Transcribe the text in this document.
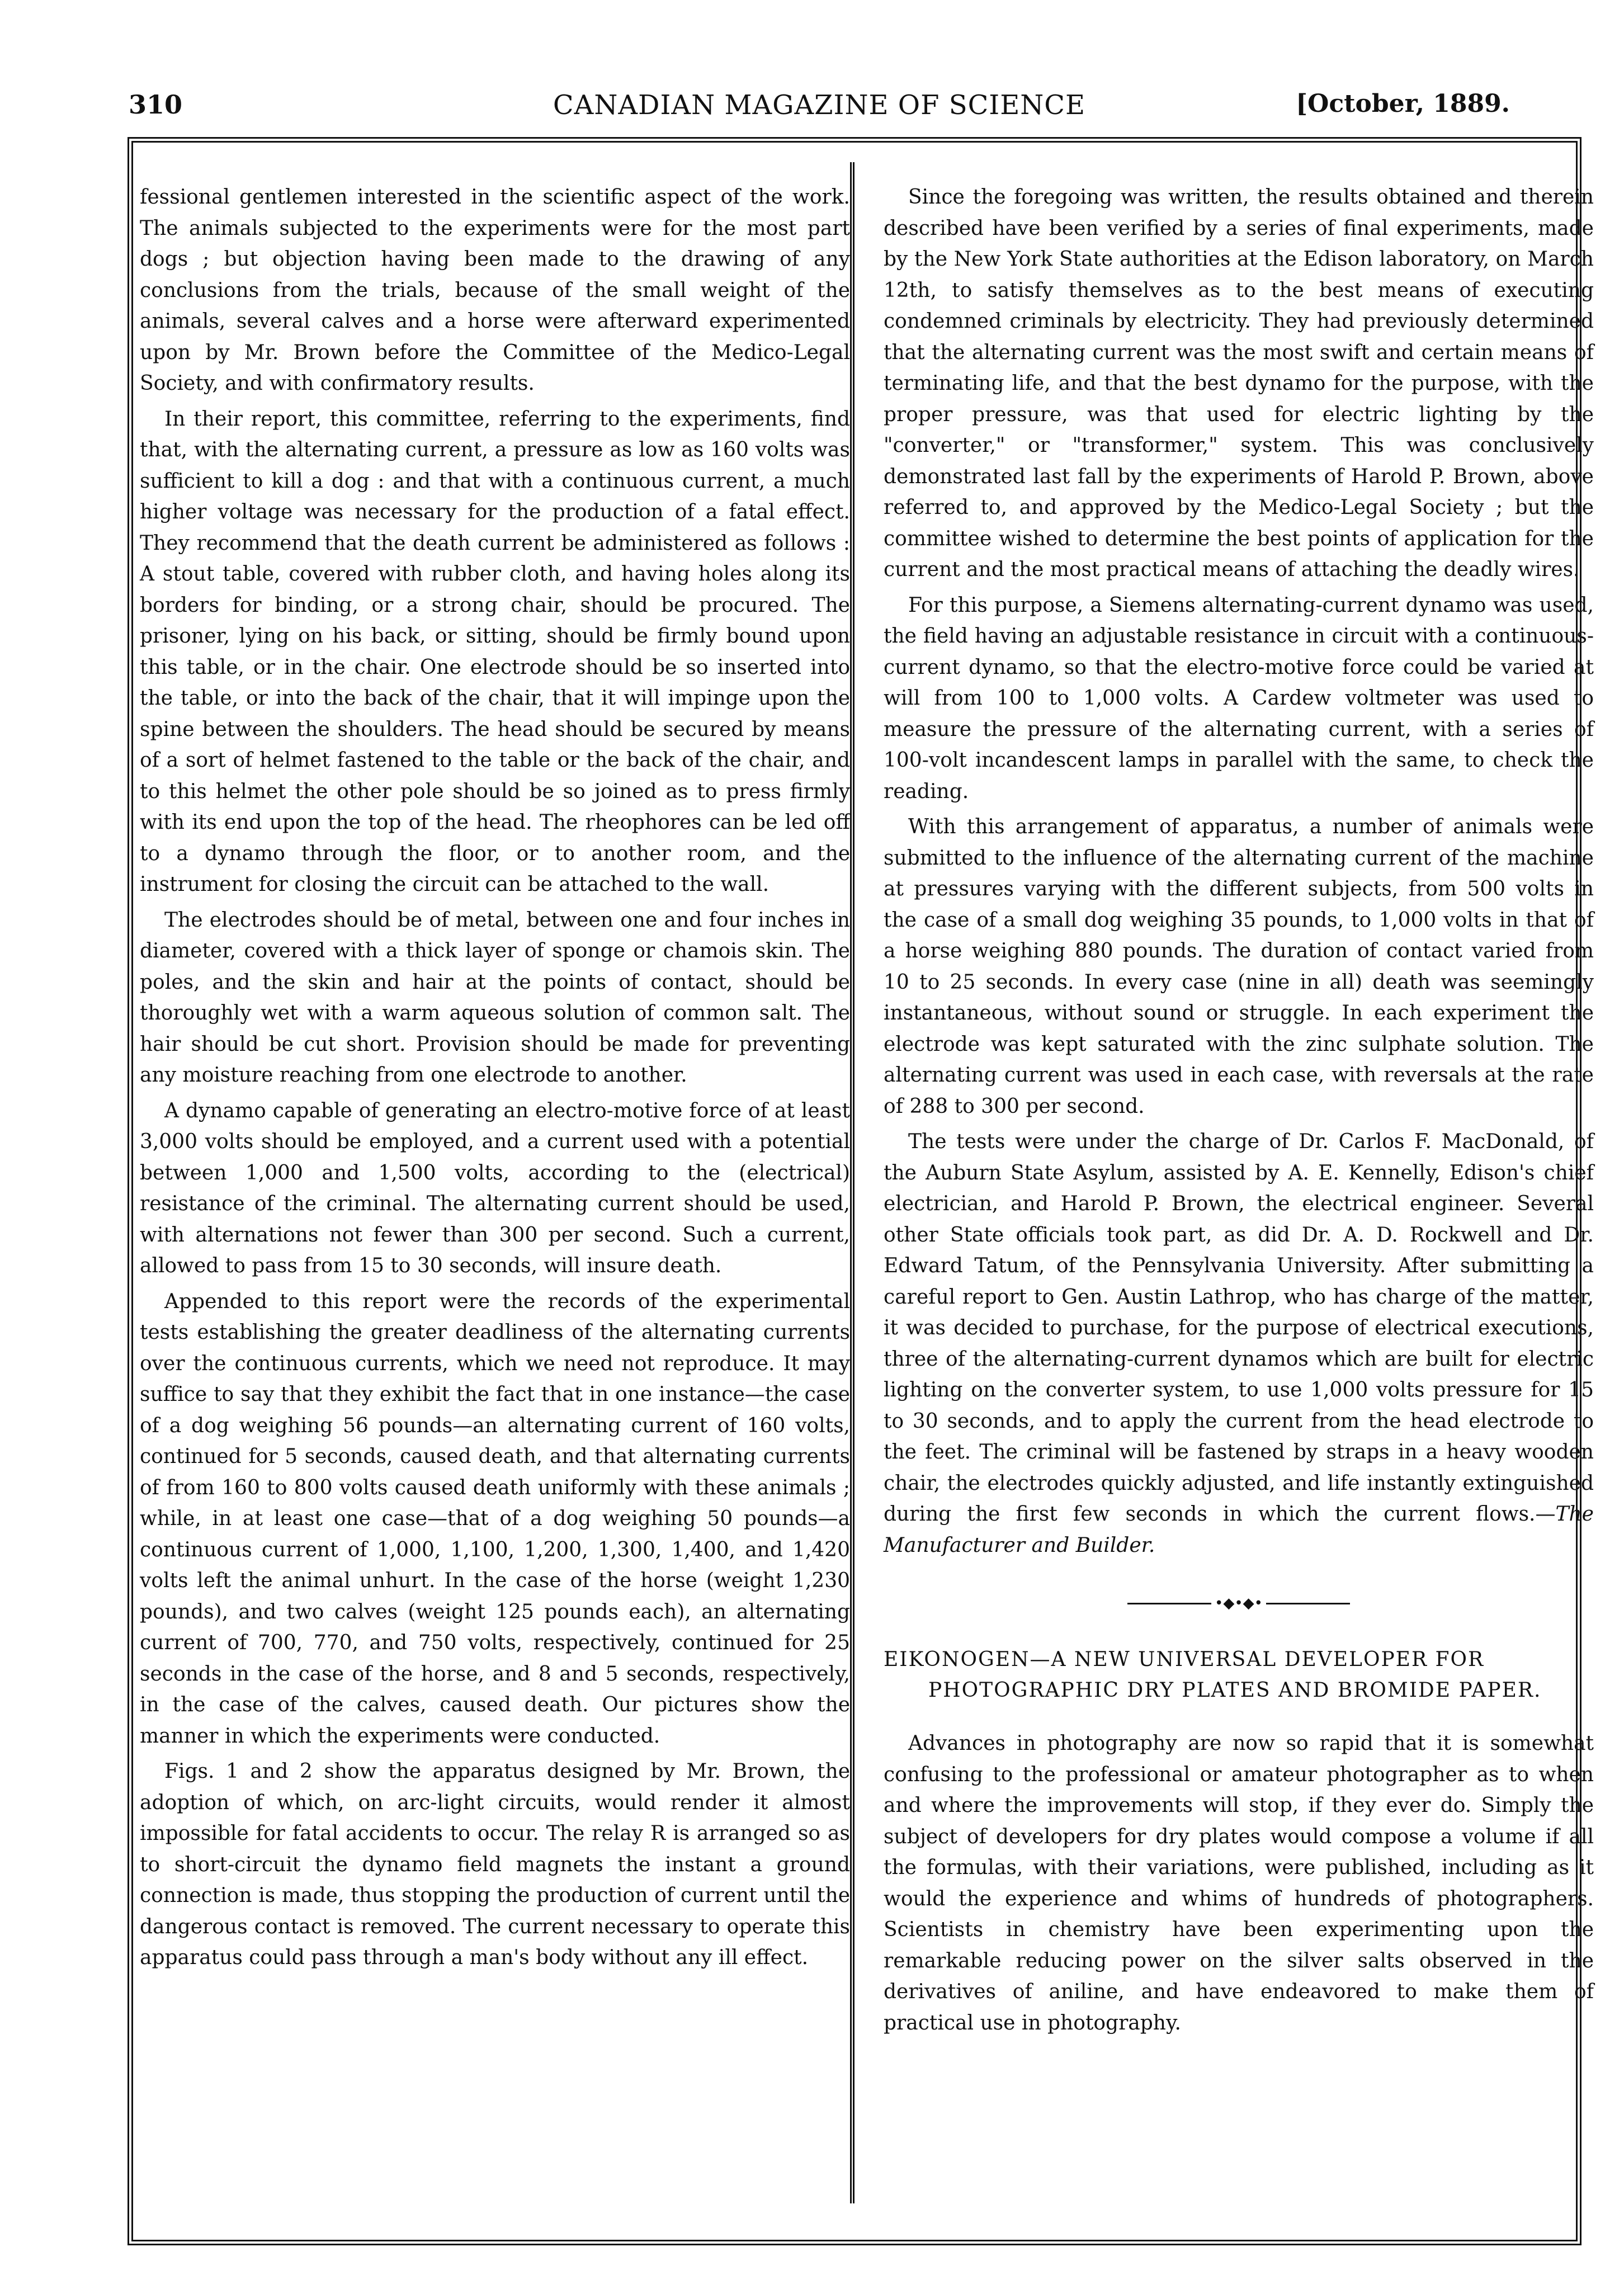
310	CANADIAN MAGAZINE OF SCIENCE	[October, 1889.

fessional gentlemen interested in the scientific aspect of the work. The animals subjected to the experiments were for the most part dogs ; but objection having been made to the drawing of any conclusions from the trials, because of the small weight of the animals, several calves and a horse were afterward experimented upon by Mr. Brown before the Committee of the Medico-Legal Society, and with confirmatory results.

In their report, this committee, referring to the experiments, find that, with the alternating current, a pressure as low as 160 volts was sufficient to kill a dog : and that with a continuous current, a much higher voltage was necessary for the production of a fatal effect. They recommend that the death current be administered as follows : A stout table, covered with rubber cloth, and having holes along its borders for binding, or a strong chair, should be procured. The prisoner, lying on his back, or sitting, should be firmly bound upon this table, or in the chair. One electrode should be so inserted into the table, or into the back of the chair, that it will impinge upon the spine between the shoulders. The head should be secured by means of a sort of helmet fastened to the table or the back of the chair, and to this helmet the other pole should be so joined as to press firmly with its end upon the top of the head. The rheophores can be led off to a dynamo through the floor, or to another room, and the instrument for closing the circuit can be attached to the wall.

The electrodes should be of metal, between one and four inches in diameter, covered with a thick layer of sponge or chamois skin. The poles, and the skin and hair at the points of contact, should be thoroughly wet with a warm aqueous solution of common salt. The hair should be cut short. Provision should be made for preventing any moisture reaching from one electrode to another.

A dynamo capable of generating an electro-motive force of at least 3,000 volts should be employed, and a current used with a potential between 1,000 and 1,500 volts, according to the (electrical) resistance of the criminal. The alternating current should be used, with alternations not fewer than 300 per second. Such a current, allowed to pass from 15 to 30 seconds, will insure death.

Appended to this report were the records of the experimental tests establishing the greater deadliness of the alternating currents over the continuous currents, which we need not reproduce. It may suffice to say that they exhibit the fact that in one instance—the case of a dog weighing 56 pounds—an alternating current of 160 volts, continued for 5 seconds, caused death, and that alternating currents of from 160 to 800 volts caused death uniformly with these animals ; while, in at least one case—that of a dog weighing 50 pounds—a continuous current of 1,000, 1,100, 1,200, 1,300, 1,400, and 1,420 volts left the animal unhurt. In the case of the horse (weight 1,230 pounds), and two calves (weight 125 pounds each), an alternating current of 700, 770, and 750 volts, respectively, continued for 25 seconds in the case of the horse, and 8 and 5 seconds, respectively, in the case of the calves, caused death. Our pictures show the manner in which the experiments were conducted.

Figs. 1 and 2 show the apparatus designed by Mr. Brown, the adoption of which, on arc-light circuits, would render it almost impossible for fatal accidents to occur. The relay R is arranged so as to short-circuit the dynamo field magnets the instant a ground connection is made, thus stopping the production of current until the dangerous contact is removed. The current necessary to operate this apparatus could pass through a man's body without any ill effect.

Since the foregoing was written, the results obtained and therein described have been verified by a series of final experiments, made by the New York State authorities at the Edison laboratory, on March 12th, to satisfy themselves as to the best means of executing condemned criminals by electricity. They had previously determined that the alternating current was the most swift and certain means of terminating life, and that the best dynamo for the purpose, with the proper pressure, was that used for electric lighting by the "converter," or "transformer," system. This was conclusively demonstrated last fall by the experiments of Harold P. Brown, above referred to, and approved by the Medico-Legal Society ; but the committee wished to determine the best points of application for the current and the most practical means of attaching the deadly wires.

For this purpose, a Siemens alternating-current dynamo was used, the field having an adjustable resistance in circuit with a continuous-current dynamo, so that the electro-motive force could be varied at will from 100 to 1,000 volts. A Cardew voltmeter was used to measure the pressure of the alternating current, with a series of 100-volt incandescent lamps in parallel with the same, to check the reading.

With this arrangement of apparatus, a number of animals were submitted to the influence of the alternating current of the machine at pressures varying with the different subjects, from 500 volts in the case of a small dog weighing 35 pounds, to 1,000 volts in that of a horse weighing 880 pounds. The duration of contact varied from 10 to 25 seconds. In every case (nine in all) death was seemingly instantaneous, without sound or struggle. In each experiment the electrode was kept saturated with the zinc sulphate solution. The alternating current was used in each case, with reversals at the rate of 288 to 300 per second.

The tests were under the charge of Dr. Carlos F. MacDonald, of the Auburn State Asylum, assisted by A. E. Kennelly, Edison's chief electrician, and Harold P. Brown, the electrical engineer. Several other State officials took part, as did Dr. A. D. Rockwell and Dr. Edward Tatum, of the Pennsylvania University. After submitting a careful report to Gen. Austin Lathrop, who has charge of the matter, it was decided to purchase, for the purpose of electrical executions, three of the alternating-current dynamos which are built for electric lighting on the converter system, to use 1,000 volts pressure for 15 to 30 seconds, and to apply the current from the head electrode to the feet. The criminal will be fastened by straps in a heavy wooden chair, the electrodes quickly adjusted, and life instantly extinguished during the first few seconds in which the current flows.—The Manufacturer and Builder.

•◆•◆•
EIKONOGEN—A NEW UNIVERSAL DEVELOPER FOR PHOTOGRAPHIC DRY PLATES AND BROMIDE PAPER.

Advances in photography are now so rapid that it is somewhat confusing to the professional or amateur photographer as to when and where the improvements will stop, if they ever do. Simply the subject of developers for dry plates would compose a volume if all the formulas, with their variations, were published, including as it would the experience and whims of hundreds of photographers. Scientists in chemistry have been experimenting upon the remarkable reducing power on the silver salts observed in the derivatives of aniline, and have endeavored to make them of practical use in photography.
